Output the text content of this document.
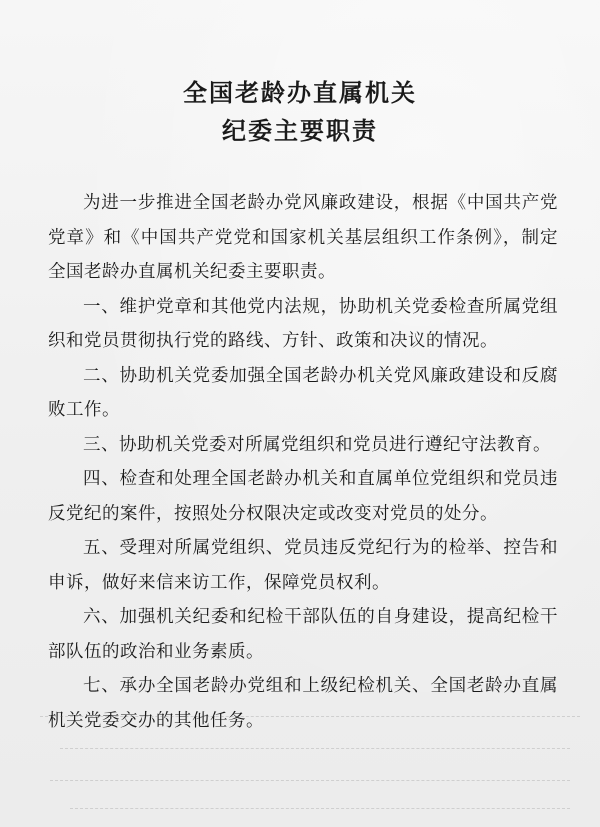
全国老龄办直属机关
纪委主要职责

为进一步推进全国老龄办党风廉政建设，根据《中国共产党党章》和《中国共产党党和国家机关基层组织工作条例》，制定全国老龄办直属机关纪委主要职责。

一、维护党章和其他党内法规，协助机关党委检查所属党组织和党员贯彻执行党的路线、方针、政策和决议的情况。

二、协助机关党委加强全国老龄办机关党风廉政建设和反腐败工作。

三、协助机关党委对所属党组织和党员进行遵纪守法教育。

四、检查和处理全国老龄办机关和直属单位党组织和党员违反党纪的案件，按照处分权限决定或改变对党员的处分。

五、受理对所属党组织、党员违反党纪行为的检举、控告和申诉，做好来信来访工作，保障党员权利。

六、加强机关纪委和纪检干部队伍的自身建设，提高纪检干部队伍的政治和业务素质。

七、承办全国老龄办党组和上级纪检机关、全国老龄办直属机关党委交办的其他任务。
